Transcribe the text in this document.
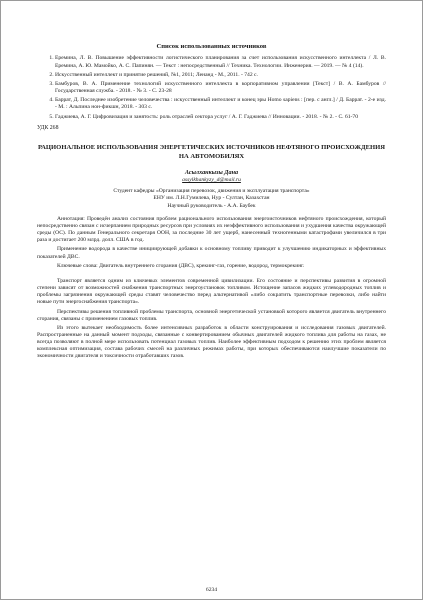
Список использованных источников
1. Еремина, Л. В. Повышение эффективности логистического планирования за счет использования искусственного интеллекта / Л. В. Еремина, А. Ю. Мамойко, А. С. Папинян. — Текст : непосредственный // Техника. Технологии. Инженерия. — 2019. — № 4 (14).
2. Искусственный интеллект и принятие решений, №1, 2011; Ленанд - М., 2011. - 742 с.
3. Бамбуров, В. А. Применение технологий искусственного интеллекта в корпоративном управлении [Текст] / В. А. Бамбуров // Государственная служба. - 2018. - № 3. - С. 23-28
4. Баррат, Д. Последнее изобретение человечества : искусственный интеллект и конец эры Homo sapiens : [пер. с англ.] / Д. Баррат. - 2-е изд. - М. : Альпина нон-фикшн, 2018. - 303 с.
5. Гаджиева, А. Г. Цифровизация и занятость: роль отраслей сектора услуг / А. Г. Гаджиева // Инновации. - 2018. - № 2. - С. 61-70
УДК 268
РАЦИОНАЛЬНОЕ ИСПОЛЬЗОВАНИЯ ЭНЕРГЕТИЧЕСКИХ ИСТОЧНИКОВ НЕФТЯНОГО ПРОИСХОЖДЕНИЯ НА АВТОМОБИЛЯХ
Асылханкызы Дана
assylkhankyzy_d@mail.ru
Студент кафедры «Организация перевозок, движения и эксплуатация транспорта»
ЕНУ им. Л.Н.Гумилева, Нур - Султан, Казахстан
Научный руководитель - А.А. Баубек

Аннотация: Проведён анализ состояния проблем рационального использования энергоисточников нефтяного происхождения, который непосредственно связан с исчерпанием природных ресурсов при условиях их неэффективного использования и ухудшения качества окружающей среды (ОС). По данным Генерального секретаря ООН, за последние 30 лет ущерб, нанесенный техногенными катастрофами увеличился в три раза и достигает 200 млрд. долл. США в год.

Применение водорода в качестве инициирующей добавки к основному топливу приводит к улучшению индикаторных и эффективных показателей ДВС.

Ключевые слова: Двигатель внутреннего сгорания (ДВС), крекинг-газ, горение, водород, термокрекинг.

Транспорт является одним из ключевых элементов современной цивилизации. Его состояние и перспективы развития в огромной степени зависят от возможностей снабжения транспортных энергоустановок топливом. Истощение запасов жидких углеводородных топлив и проблемы загрязнения окружающей среды ставят человечество перед альтернативой «либо сократить транспортные перевозки, либо найти новые пути энергоснабжения транспорта».

Перспективы решения топливной проблемы транспорта, основной энергетической установкой которого является двигатель внутреннего сгорания, связаны с применением газовых топлив.

Из этого вытекает необходимость более интенсивных разработок в области конструирования и исследования газовых двигателей. Распространенные на данный момент подходы, связанные с конвертированием обычных двигателей жидкого топлива для работы на газах, не всегда позволяют в полной мере использовать потенциал газовых топлив. Наиболее эффективным подходом к решению этих проблем является комплексная оптимизация, состава рабочих смесей на различных режимах работы, при которых обеспечиваются наилучшие показатели по экономичности двигателя и токсичности отработавших газов.

6234
